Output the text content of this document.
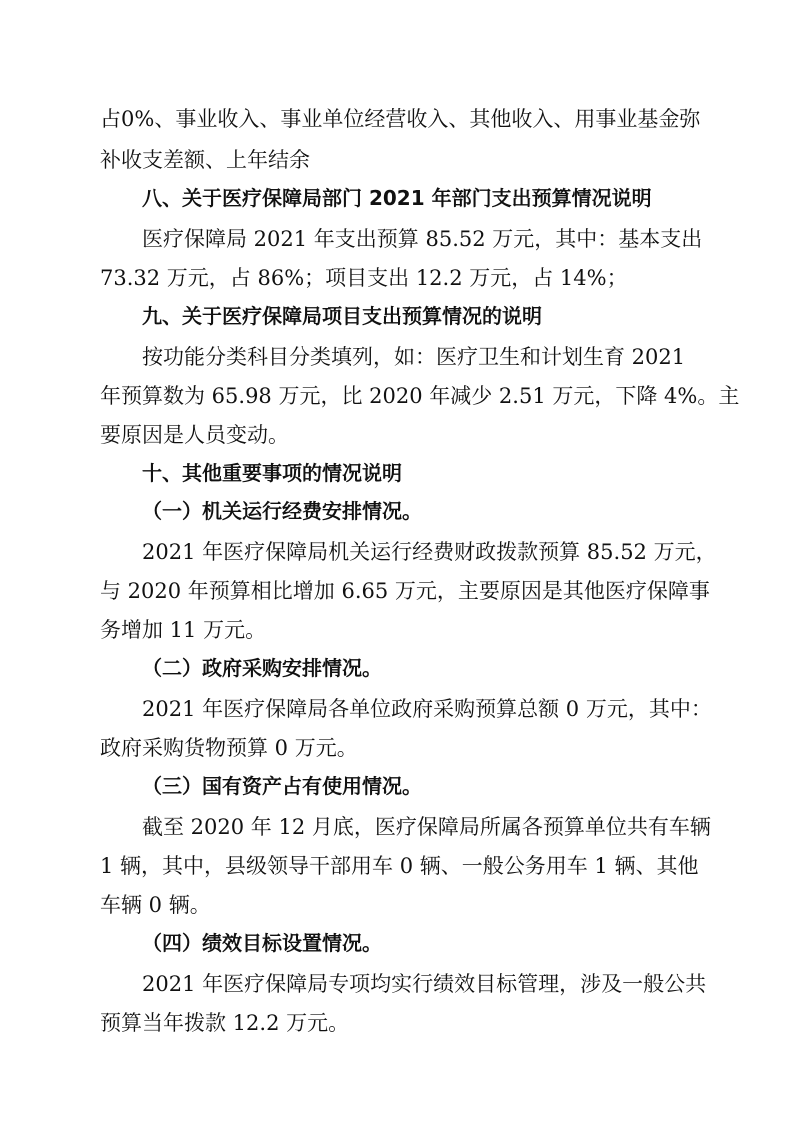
占0%、事业收入、事业单位经营收入、其他收入、用事业基金弥
补收支差额、上年结余
八、关于医疗保障局部门 2021 年部门支出预算情况说明
医疗保障局 2021 年支出预算 85.52 万元，其中：基本支出
73.32 万元，占 86%；项目支出 12.2 万元，占 14%；
九、关于医疗保障局项目支出预算情况的说明
按功能分类科目分类填列，如：医疗卫生和计划生育 2021
年预算数为 65.98 万元，比 2020 年减少 2.51 万元，下降 4%。主
要原因是人员变动。
十、其他重要事项的情况说明
（一）机关运行经费安排情况。
2021 年医疗保障局机关运行经费财政拨款预算 85.52 万元，
与 2020 年预算相比增加 6.65 万元，主要原因是其他医疗保障事
务增加 11 万元。
（二）政府采购安排情况。
2021 年医疗保障局各单位政府采购预算总额 0 万元，其中：
政府采购货物预算 0 万元。
（三）国有资产占有使用情况。
截至 2020 年 12 月底，医疗保障局所属各预算单位共有车辆
1 辆，其中，县级领导干部用车 0 辆、一般公务用车 1 辆、其他
车辆 0 辆。
（四）绩效目标设置情况。
2021 年医疗保障局专项均实行绩效目标管理，涉及一般公共
预算当年拨款 12.2 万元。
